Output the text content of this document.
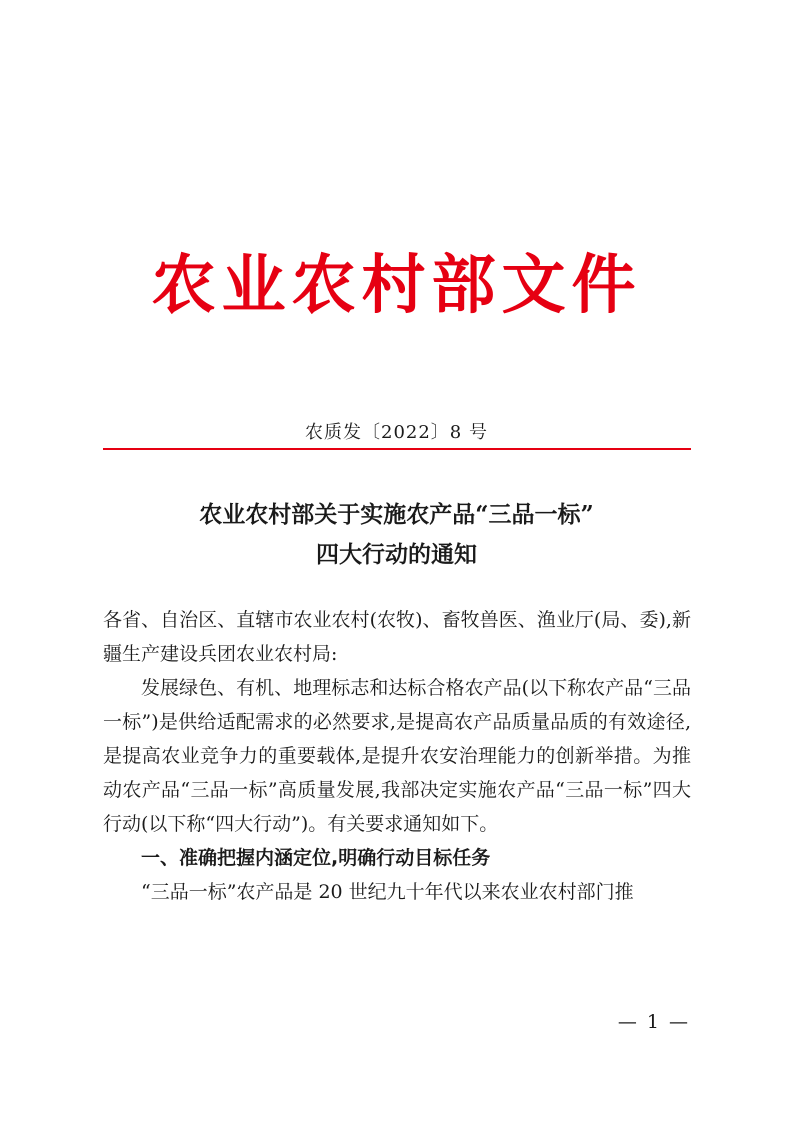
农业农村部文件
农质发〔2022〕8 号
农业农村部关于实施农产品“三品一标”
四大行动的通知

各省、自治区、直辖市农业农村(农牧)、畜牧兽医、渔业厅(局、委),新疆生产建设兵团农业农村局:

发展绿色、有机、地理标志和达标合格农产品(以下称农产品“三品一标”)是供给适配需求的必然要求,是提高农产品质量品质的有效途径,是提高农业竞争力的重要载体,是提升农安治理能力的创新举措。为推动农产品“三品一标”高质量发展,我部决定实施农产品“三品一标”四大行动(以下称“四大行动”)。有关要求通知如下。

一、准确把握内涵定位,明确行动目标任务

“三品一标”农产品是 20 世纪九十年代以来农业农村部门推

— 1 —
